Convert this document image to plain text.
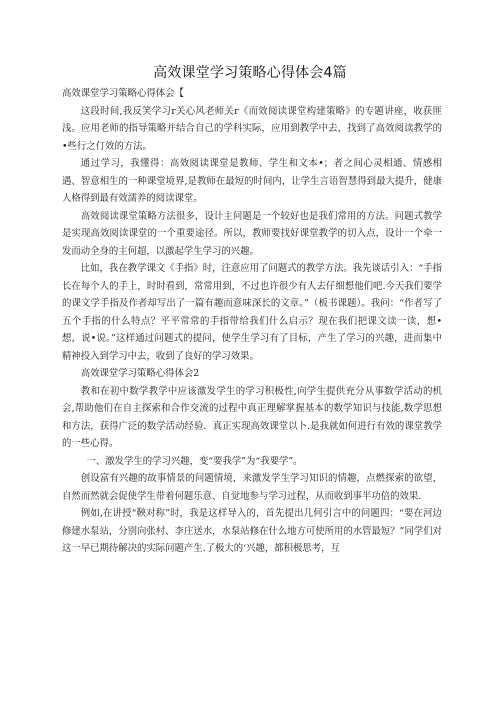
高效课堂学习策略心得体会4篇

高效课堂学习策略心得体会【

这段时间,我反笑学习r关心风老师关r《而效阅读课堂构建策略》的专题讲座，收获匪浅。应用老师的指导策略并结合自己的学科实际，应用到教学中去，找到了高效阅读教学的•些行之仃效的方法。

通过学习，我懂得：高效阅读课堂是教师、学生和文本•；者之间心灵相通、情感相遇、智意相生的一种课堂境界,是教师在最短的时间内，让学生言语智慧得到最大提升，健康人格得到最有效濡养的阅读课堂。

高效阅读课堂策略方法很多，设计主问题是一个较好也是我们常用的方法。问题式教学是实现高效阅读课堂的一个重要途径。所以，教师要找好课堂教学的切入点，设计一个牵一发而动全身的主何超，以激起学生学习的兴趣。

比如，我在教学课文《手指》时，注意应用了问题式的教学方法。我先谈话引入：“手指长在每个人的手上，时时看到，常常用到，不过也许很少有人去仔细想他们吧.今天我们要学的课文学手指及作者却写出了一篇有趣而意味深长的文章。”（板书课题）。我问：“作者写了五个手指的什么特点？平平常常的手指带给我们什么启示？现在我们把课文读一读，想•想，说•说。”这样通过问题式的提问，使学生学习有了目标，产生了学习的兴趣，进而集中精神投入到学习中去，收到了良好的学习效果。

高效课堂学习策略心得体会2

教和在初中数学教学中应该激发学生的学习积极性,向学生提供充分从事数学活动的机会,帮助他们在自主探索和合作交流的过程中真正理解掌握基本的数学知识与技能,数学思想和方法，获得广泛的数学活动经验．真正实现高效课堂以卜.是我就如何进行有效的课堂教学的一些心得。

一、激发学生的学习兴趣，变“要我学”为“我要学”。

创设富有兴趣的故事情景的问题情境，来激发学生学习知识的情趣，点燃探索的欲望，自然而然就会促使学生带着何题乐意、自觉地参与学习过程，从而收到事半功倍的效果.

例如,在讲授“鞅对称”时，我是这样导入的，首先提出几何引言中的问题四：“要在河边修建水泵站，分别向张村、李庄送水，水泵站修在什么地方可使所用的水管最短？”同学们对这一早已期待解决的实际问题产生.了极大的‘兴趣，都积极思考，互
